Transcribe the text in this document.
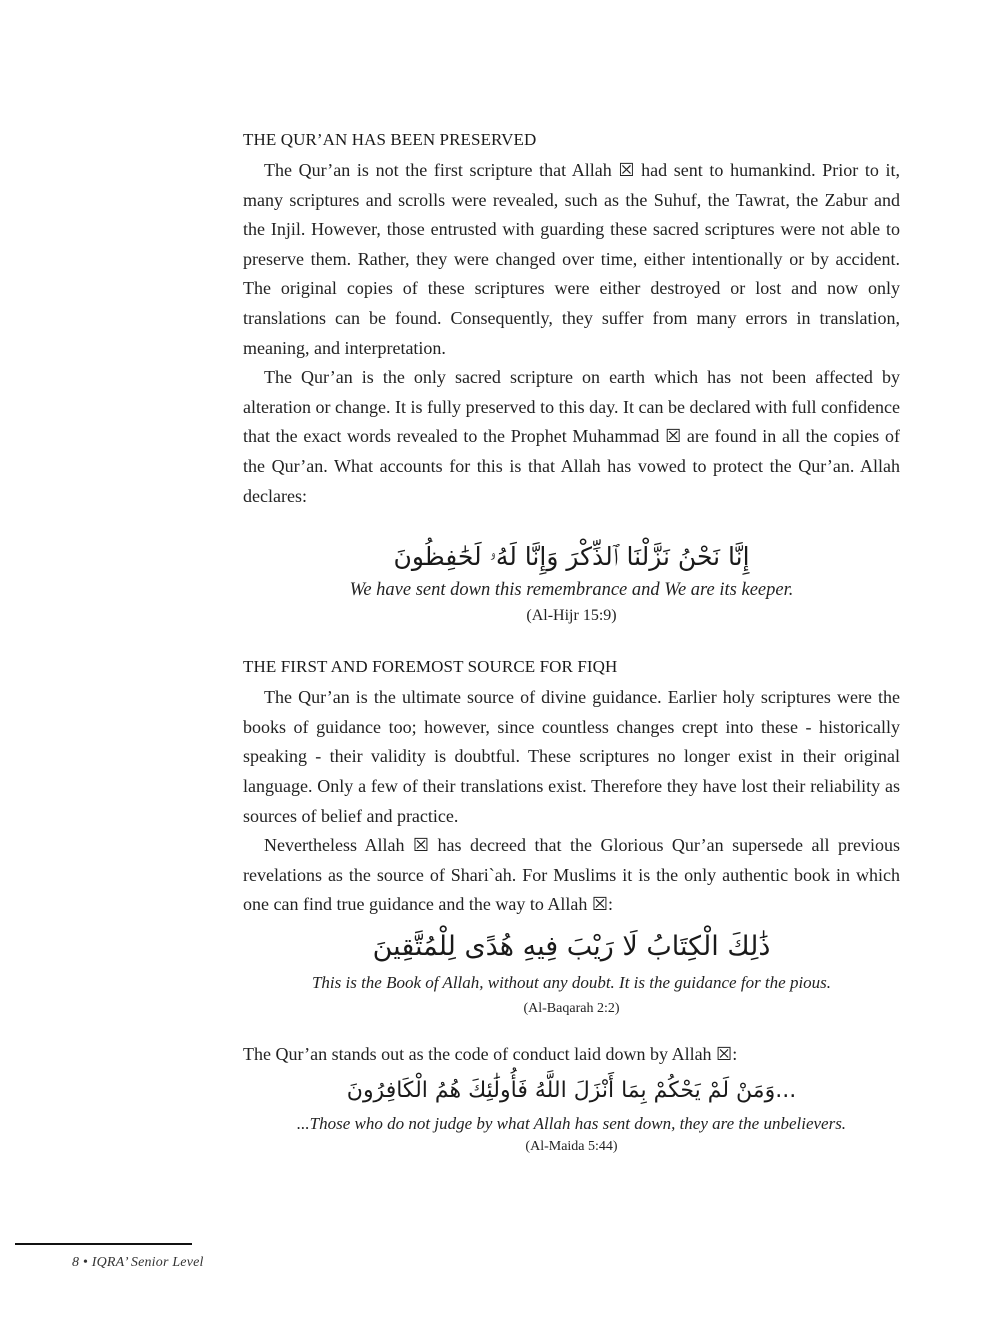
THE QUR’AN HAS BEEN PRESERVED

The Qur’an is not the first scripture that Allah ☒ had sent to humankind. Prior to it, many scriptures and scrolls were revealed, such as the Suhuf, the Tawrat, the Zabur and the Injil. However, those entrusted with guarding these sacred scriptures were not able to preserve them. Rather, they were changed over time, either intentionally or by accident. The original copies of these scriptures were either destroyed or lost and now only translations can be found. Consequently, they suffer from many errors in translation, meaning, and interpretation.

The Qur’an is the only sacred scripture on earth which has not been affected by alteration or change. It is fully preserved to this day. It can be declared with full confidence that the exact words revealed to the Prophet Muhammad ☒ are found in all the copies of the Qur’an. What accounts for this is that Allah has vowed to protect the Qur’an. Allah declares:

إِنَّا نَحْنُ نَزَّلْنَا ٱلذِّكْرَ وَإِنَّا لَهُۥ لَحَٰفِظُونَ
We have sent down this remembrance and We are its keeper.
(Al-Hijr 15:9)
THE FIRST AND FOREMOST SOURCE FOR FIQH

The Qur’an is the ultimate source of divine guidance. Earlier holy scriptures were the books of guidance too; however, since countless changes crept into these - historically speaking - their validity is doubtful. These scriptures no longer exist in their original language. Only a few of their translations exist. Therefore they have lost their reliability as sources of belief and practice.

Nevertheless Allah ☒ has decreed that the Glorious Qur’an supersede all previous revelations as the source of Shari`ah. For Muslims it is the only authentic book in which one can find true guidance and the way to Allah ☒:

ذَٰلِكَ الْكِتَابُ لَا رَيْبَ فِيهِ هُدًى لِلْمُتَّقِينَ
This is the Book of Allah, without any doubt. It is the guidance for the pious.
(Al-Baqarah 2:2)

The Qur’an stands out as the code of conduct laid down by Allah ☒:

...وَمَنْ لَمْ يَحْكُمْ بِمَا أَنْزَلَ اللَّهُ فَأُولَٰئِكَ هُمُ الْكَافِرُونَ
...Those who do not judge by what Allah has sent down, they are the unbelievers.
(Al-Maida 5:44)
8 • IQRA’ Senior Level
